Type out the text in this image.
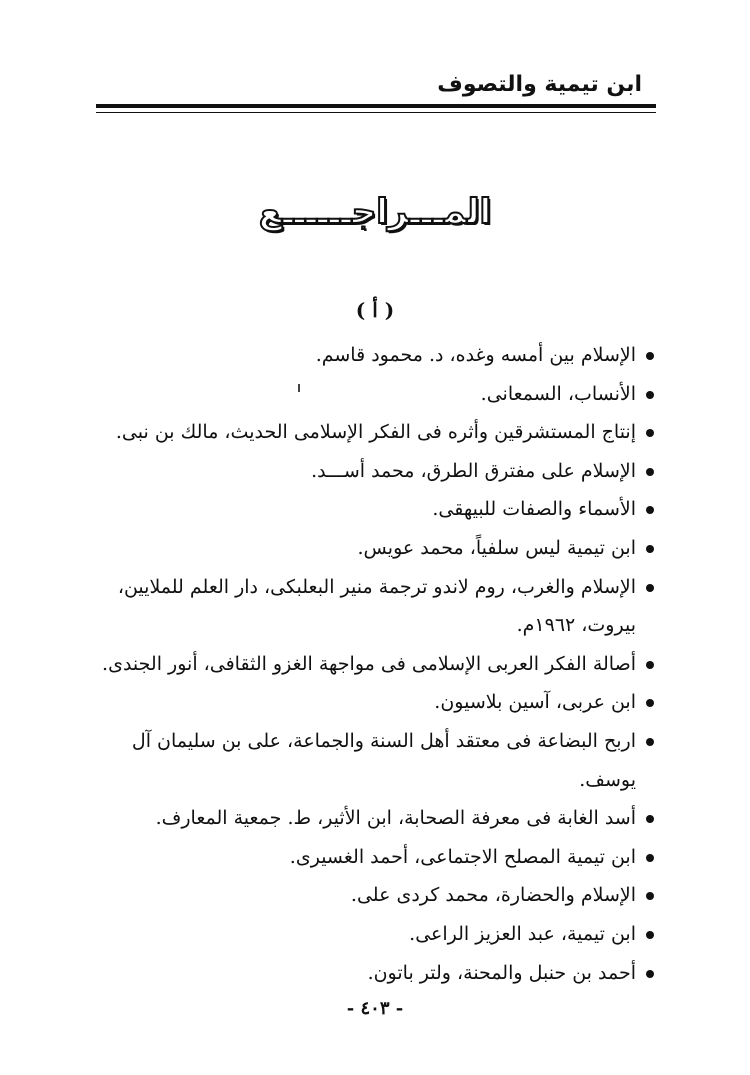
ابن تيمية والتصوف
المـــراجــــــع
( أ )
الإسلام بين أمسه وغده، د. محمود قاسم.
الأنساب، السمعانى.
إنتاج المستشرقين وأثره فى الفكر الإسلامى الحديث، مالك بن نبى.
الإسلام على مفترق الطرق، محمد أســـد.
الأسماء والصفات للبيهقى.
ابن تيمية ليس سلفياً، محمد عويس.
الإسلام والغرب، روم لاندو ترجمة منير البعلبكى، دار العلم للملايين، بيروت، ١٩٦٢م.
أصالة الفكر العربى الإسلامى فى مواجهة الغزو الثقافى، أنور الجندى.
ابن عربى، آسين بلاسيون.
اربح البضاعة فى معتقد أهل السنة والجماعة، على بن سليمان آل يوسف.
أسد الغابة فى معرفة الصحابة، ابن الأثير، ط. جمعية المعارف.
ابن تيمية المصلح الاجتماعى، أحمد الغسيرى.
الإسلام والحضارة، محمد كردى على.
ابن تيمية، عبد العزيز الراعى.
أحمد بن حنبل والمحنة، ولتر باتون.
- ٤٠٣ -
